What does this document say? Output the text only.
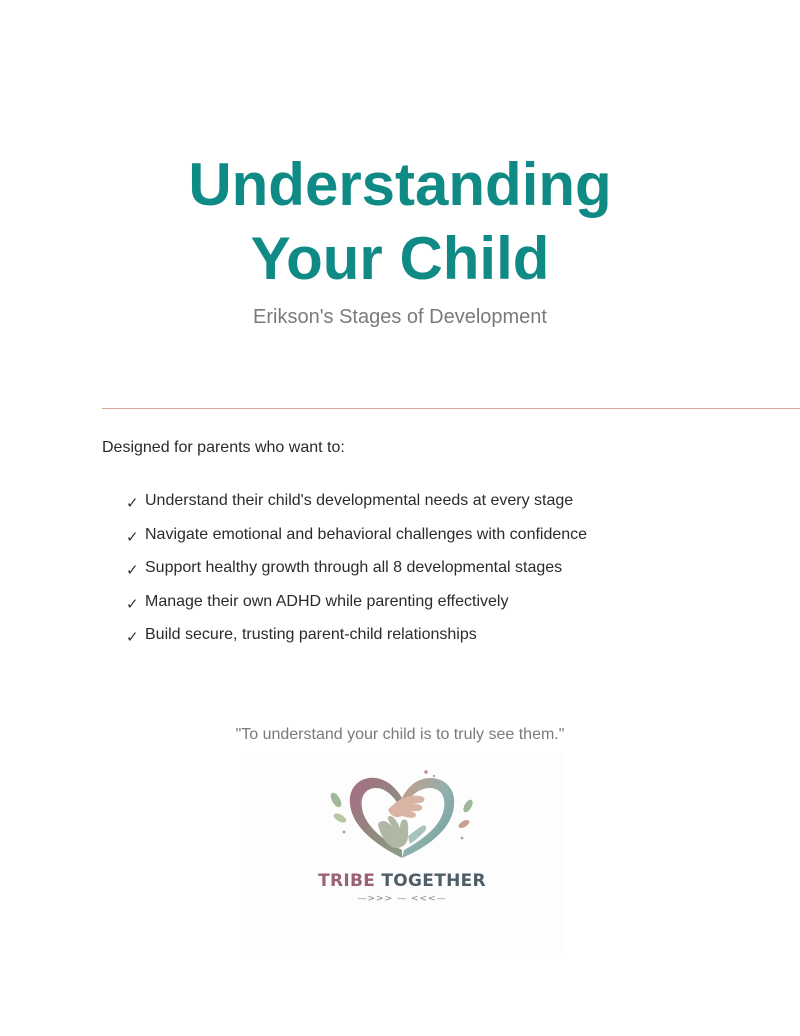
Understanding
Your Child
Erikson's Stages of Development
Designed for parents who want to:
✓ Understand their child's developmental needs at every stage
✓ Navigate emotional and behavioral challenges with confidence
✓ Support healthy growth through all 8 developmental stages
✓ Manage their own ADHD while parenting effectively
✓ Build secure, trusting parent-child relationships
"To understand your child is to truly see them."
TRIBE TOGETHER
—>>> — <<<—
